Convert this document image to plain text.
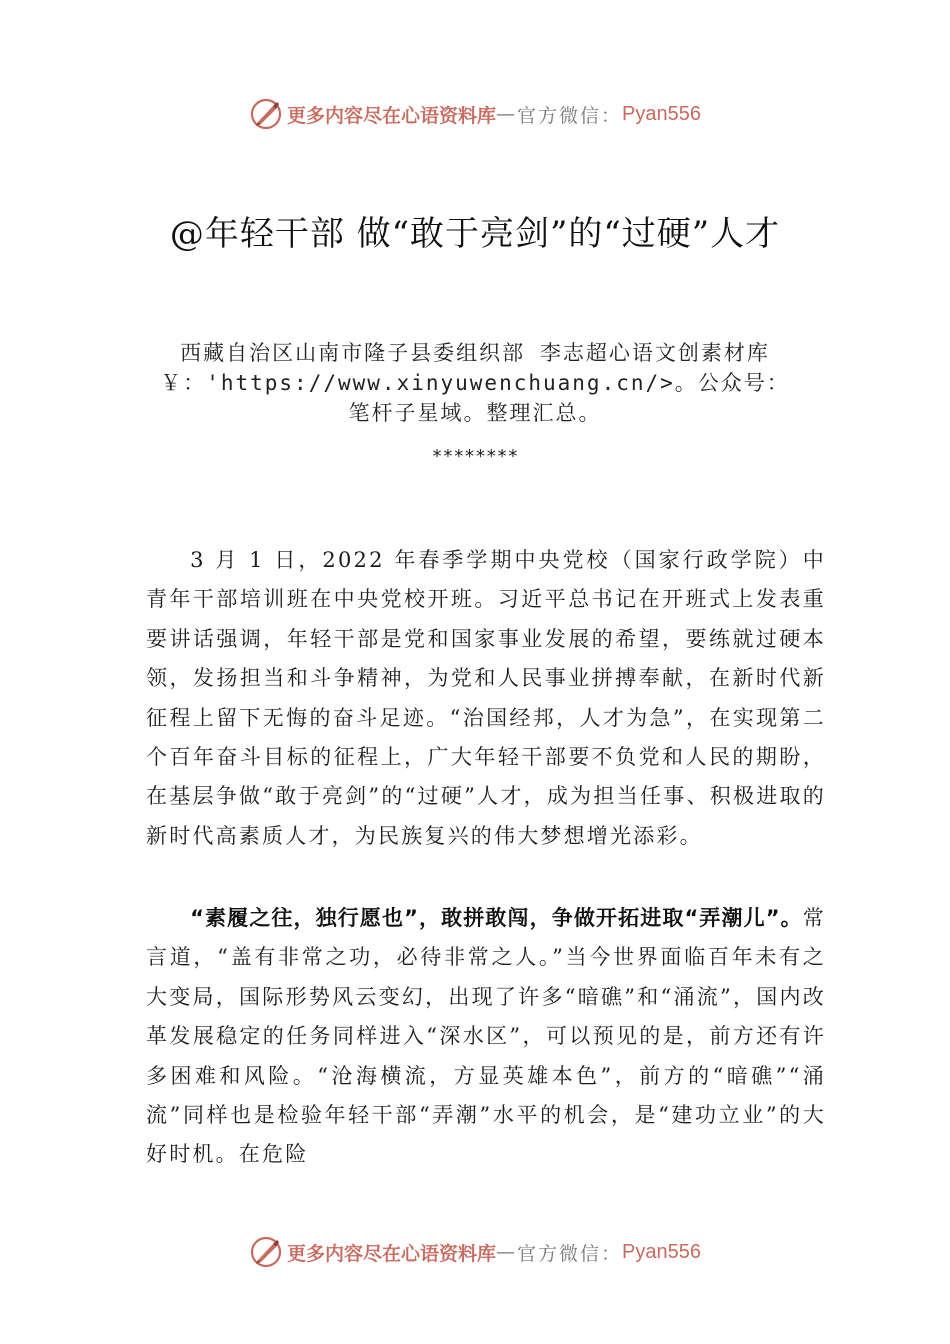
更多内容尽在心语资料库 — 官方微信： Pyan556
@年轻干部 做“敢于亮剑”的“过硬”人才
西藏自治区山南市隆子县委组织部 李志超心语文创素材库￥：'https://www.xinyuwenchuang.cn/>。公众号：笔杆子星域。整理汇总。
********

3 月 1 日，2022 年春季学期中央党校（国家行政学院）中青年干部培训班在中央党校开班。习近平总书记在开班式上发表重要讲话强调，年轻干部是党和国家事业发展的希望，要练就过硬本领，发扬担当和斗争精神，为党和人民事业拼搏奉献，在新时代新征程上留下无悔的奋斗足迹。“治国经邦，人才为急”，在实现第二个百年奋斗目标的征程上，广大年轻干部要不负党和人民的期盼，在基层争做“敢于亮剑”的“过硬”人才，成为担当任事、积极进取的新时代高素质人才，为民族复兴的伟大梦想增光添彩。

“素履之往，独行愿也”，敢拼敢闯，争做开拓进取“弄潮儿”。常言道，“盖有非常之功，必待非常之人。”当今世界面临百年未有之大变局，国际形势风云变幻，出现了许多“暗礁”和“涌流”，国内改革发展稳定的任务同样进入“深水区”，可以预见的是，前方还有许多困难和风险。“沧海横流，方显英雄本色”，前方的“暗礁”“涌流”同样也是检验年轻干部“弄潮”水平的机会，是“建功立业”的大好时机。在危险

更多内容尽在心语资料库 — 官方微信： Pyan556
